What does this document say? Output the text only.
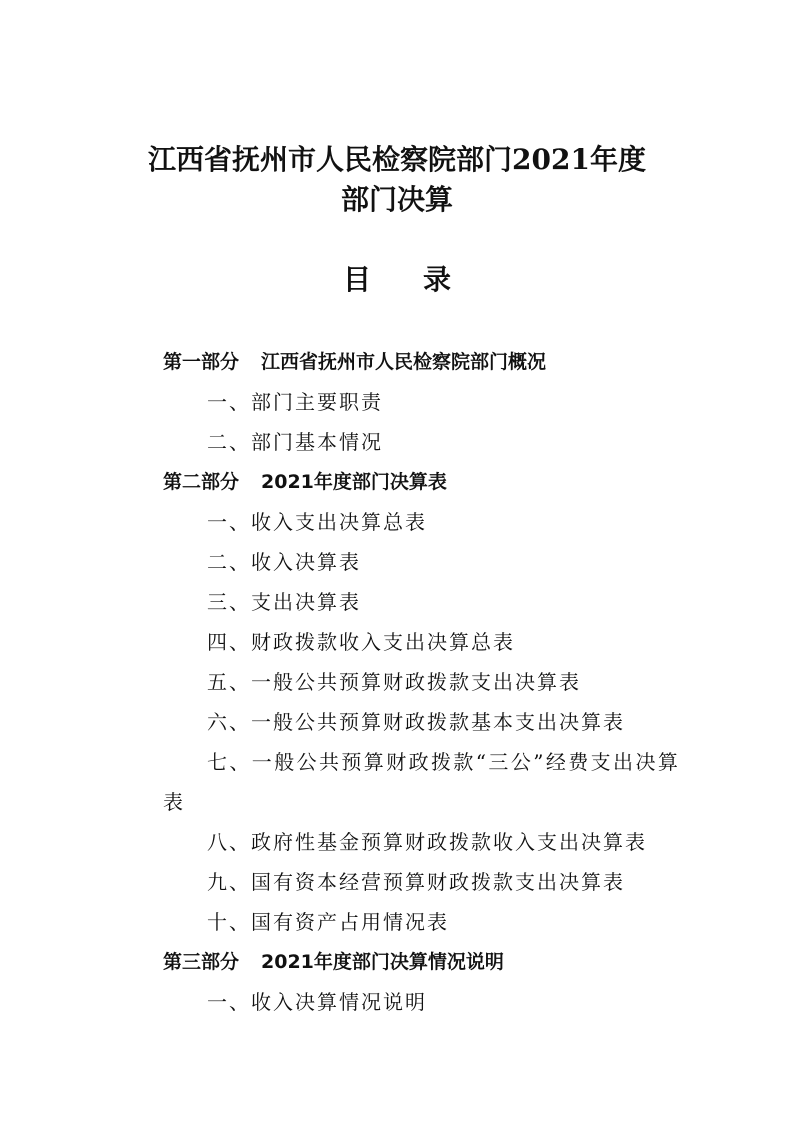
江西省抚州市人民检察院部门2021年度
部门决算
目录
第一部分 江西省抚州市人民检察院部门概况
一、部门主要职责
二、部门基本情况
第二部分 2021年度部门决算表
一、收入支出决算总表
二、收入决算表
三、支出决算表
四、财政拨款收入支出决算总表
五、一般公共预算财政拨款支出决算表
六、一般公共预算财政拨款基本支出决算表
七、一般公共预算财政拨款“三公”经费支出决算
表
八、政府性基金预算财政拨款收入支出决算表
九、国有资本经营预算财政拨款支出决算表
十、国有资产占用情况表
第三部分 2021年度部门决算情况说明
一、收入决算情况说明
